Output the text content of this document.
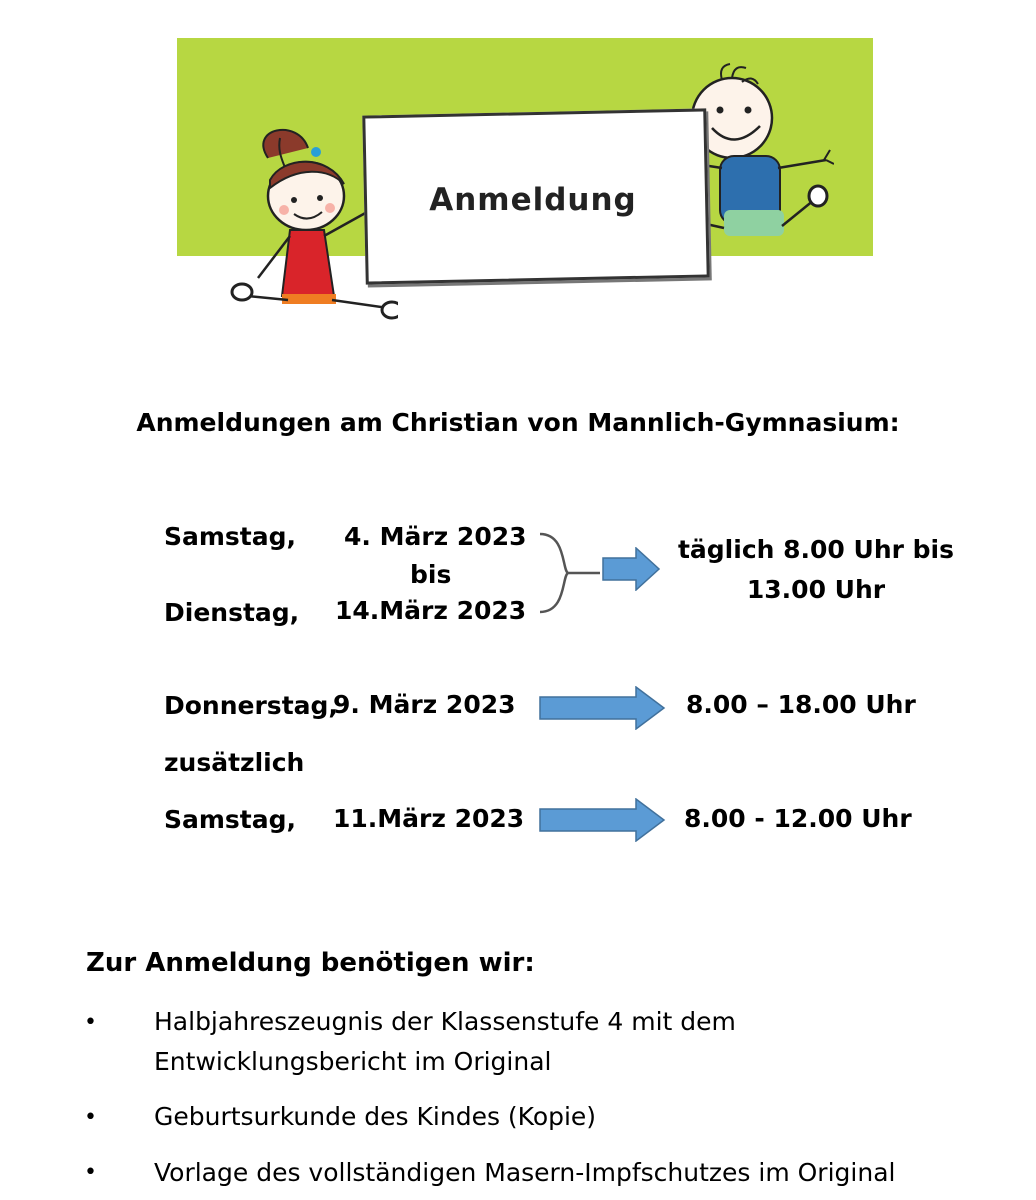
Anmeldung
Anmeldungen am Christian von Mannlich-Gymnasium:
Samstag, 4. März 2023
bis
Dienstag, 14.März 2023
täglich 8.00 Uhr bis
13.00 Uhr
Donnerstag,
9. März 2023	8.00 – 18.00 Uhr
zusätzlich
Samstag, 11.März 2023	8.00 - 12.00 Uhr
Zur Anmeldung benötigen wir:
• Halbjahreszeugnis der Klassenstufe 4 mit dem Entwicklungsbericht im Original
• Geburtsurkunde des Kindes (Kopie)
• Vorlage des vollständigen Masern-Impfschutzes im Original
